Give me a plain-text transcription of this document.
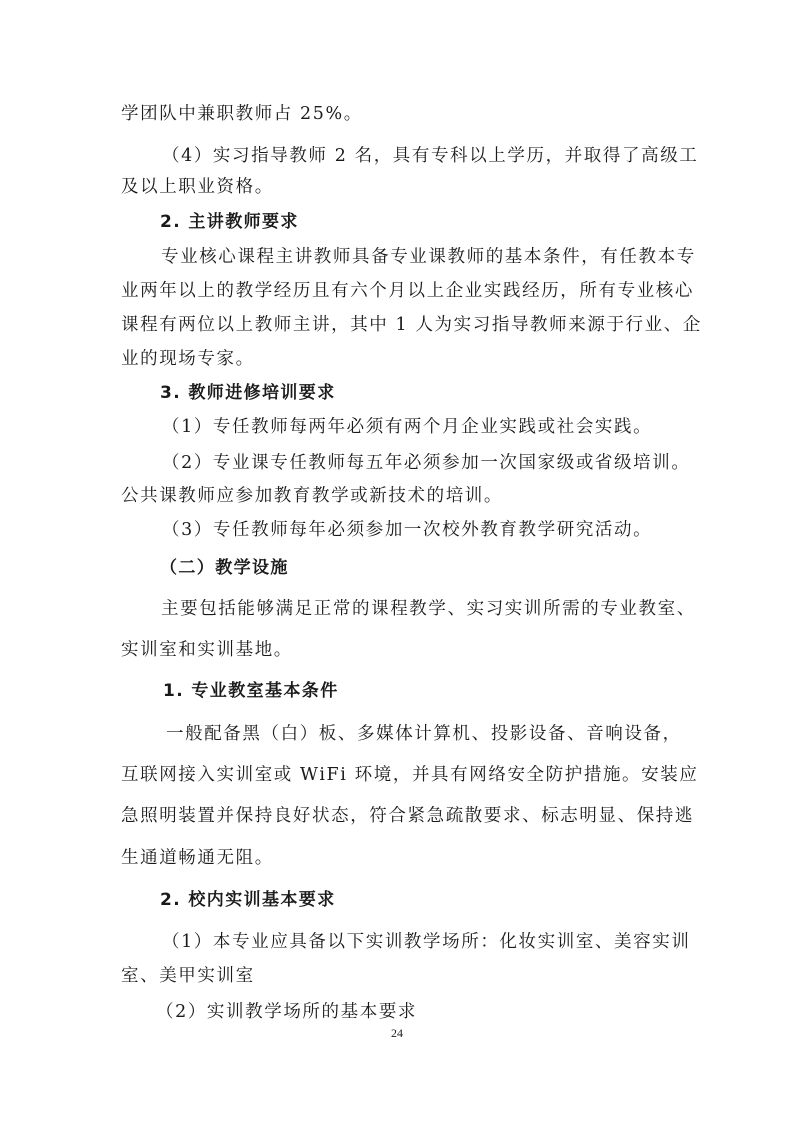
学团队中兼职教师占 25%。

（4）实习指导教师 2 名，具有专科以上学历，并取得了高级工

及以上职业资格。

2. 主讲教师要求

专业核心课程主讲教师具备专业课教师的基本条件，有任教本专

业两年以上的教学经历且有六个月以上企业实践经历，所有专业核心

课程有两位以上教师主讲，其中 1 人为实习指导教师来源于行业、企

业的现场专家。

3. 教师进修培训要求

（1）专任教师每两年必须有两个月企业实践或社会实践。

（2）专业课专任教师每五年必须参加一次国家级或省级培训。

公共课教师应参加教育教学或新技术的培训。

（3）专任教师每年必须参加一次校外教育教学研究活动。

（二）教学设施

主要包括能够满足正常的课程教学、实习实训所需的专业教室、

实训室和实训基地。

1. 专业教室基本条件

一般配备黑（白）板、多媒体计算机、投影设备、音响设备，

互联网接入实训室或 WiFi 环境，并具有网络安全防护措施。安装应

急照明装置并保持良好状态，符合紧急疏散要求、标志明显、保持逃

生通道畅通无阻。

2. 校内实训基本要求

（1）本专业应具备以下实训教学场所：化妆实训室、美容实训

室、美甲实训室

（2）实训教学场所的基本要求

24
